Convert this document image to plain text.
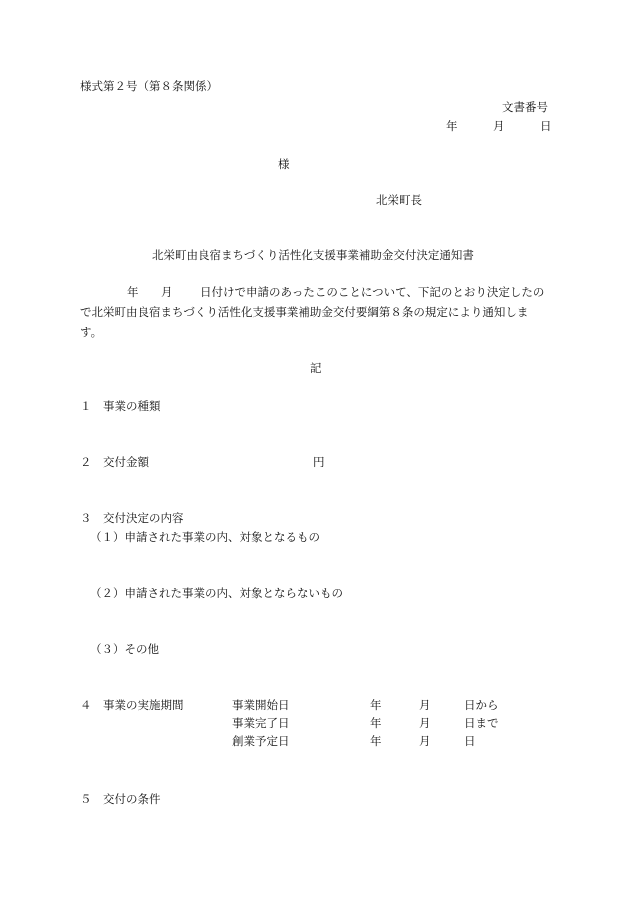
様式第２号（第８条関係）
文書番号
年	月	日
様
北栄町長
北栄町由良宿まちづくり活性化支援事業補助金交付決定通知書
年 月 日付けで申請のあったこのことについて、下記のとおり決定したの
で北栄町由良宿まちづくり活性化支援事業補助金交付要綱第８条の規定により通知しま
す。
記
１ 事業の種類
２ 交付金額	円
３ 交付決定の内容
（１）申請された事業の内、対象となるもの
（２）申請された事業の内、対象とならないもの
（３）その他
４ 事業の実施期間	事業開始日	年	月	日から
事業完了日	年	月	日まで
創業予定日	年	月	日
５ 交付の条件
